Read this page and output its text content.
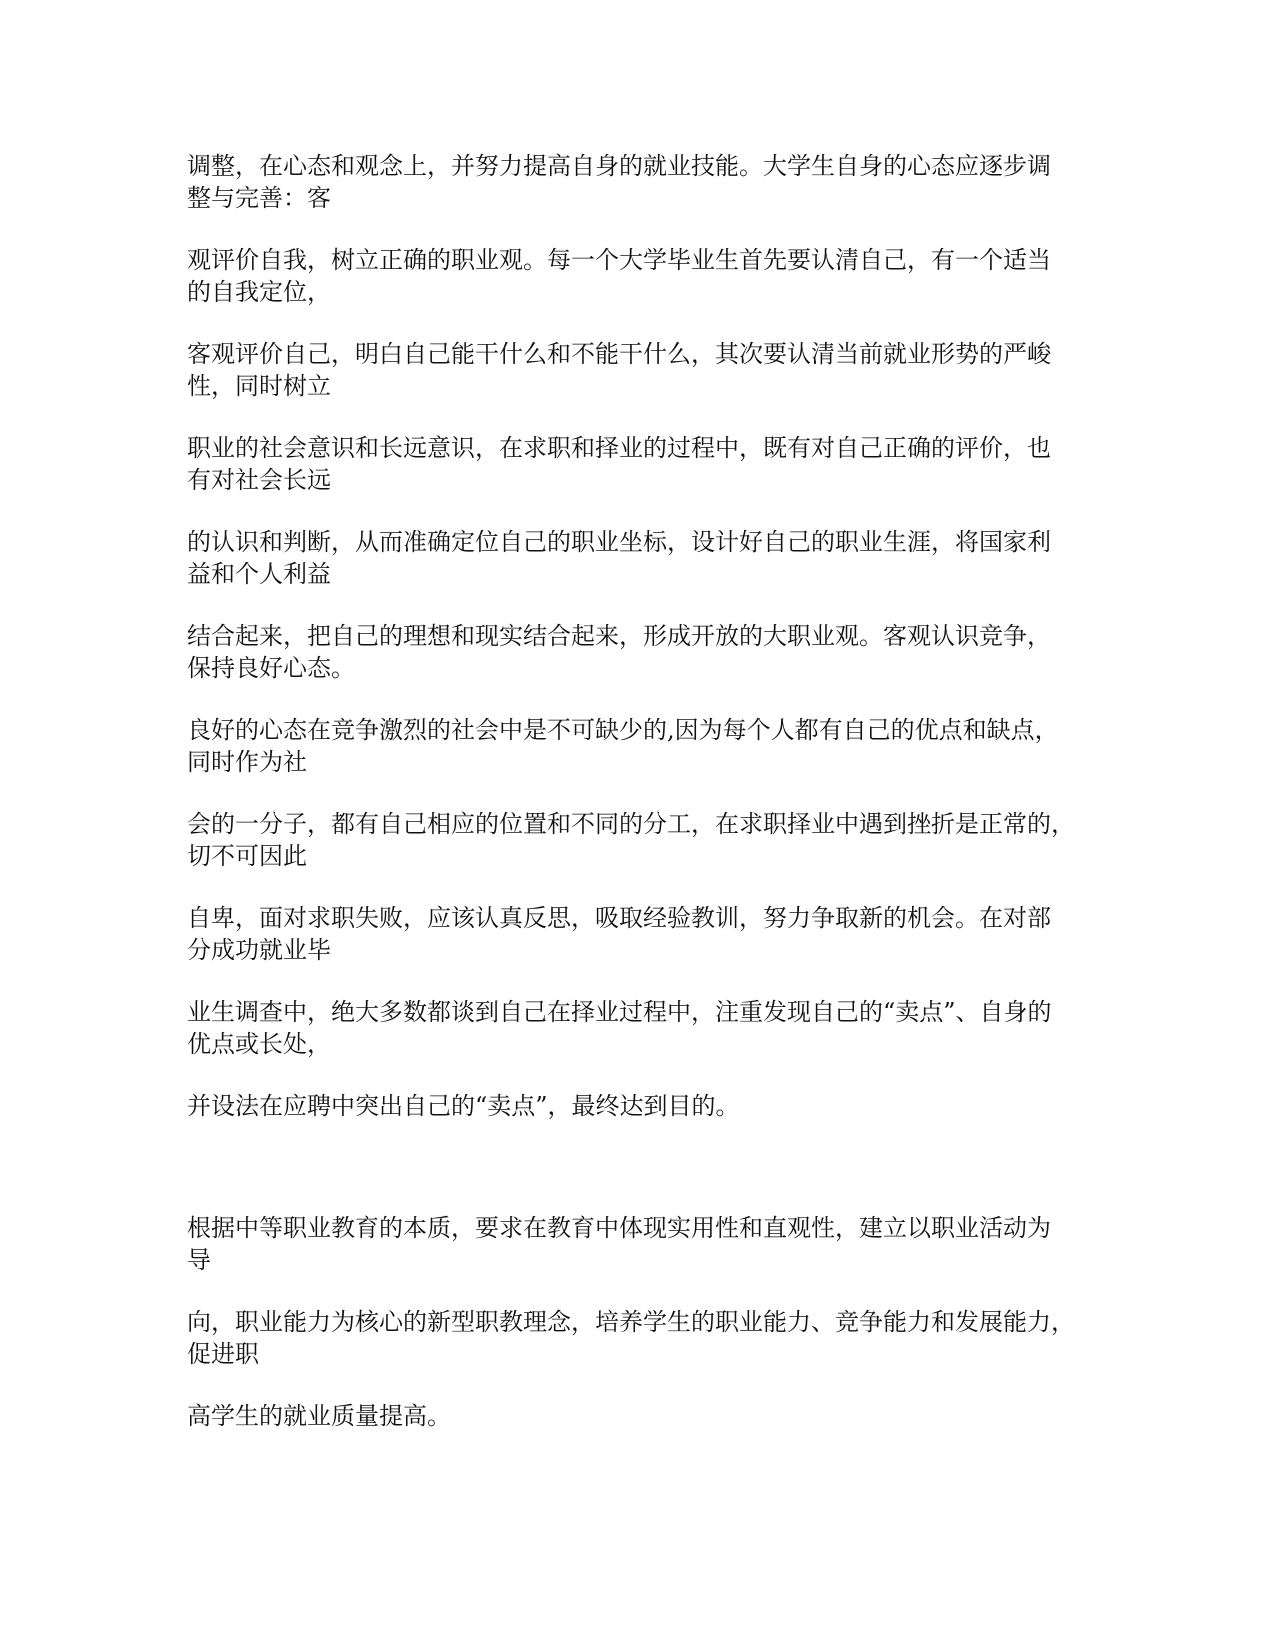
调整，在心态和观念上，并努力提高自身的就业技能。大学生自身的心态应逐步调
整与完善：客

观评价自我，树立正确的职业观。每一个大学毕业生首先要认清自己，有一个适当
的自我定位，

客观评价自己，明白自己能干什么和不能干什么，其次要认清当前就业形势的严峻
性，同时树立

职业的社会意识和长远意识，在求职和择业的过程中，既有对自己正确的评价，也
有对社会长远

的认识和判断，从而准确定位自己的职业坐标，设计好自己的职业生涯，将国家利
益和个人利益

结合起来，把自己的理想和现实结合起来，形成开放的大职业观。客观认识竞争，
保持良好心态。

良好的心态在竞争激烈的社会中是不可缺少的,因为每个人都有自己的优点和缺点，
同时作为社

会的一分子，都有自己相应的位置和不同的分工，在求职择业中遇到挫折是正常的，
切不可因此

自卑，面对求职失败，应该认真反思，吸取经验教训，努力争取新的机会。在对部
分成功就业毕

业生调查中，绝大多数都谈到自己在择业过程中，注重发现自己的“卖点”、自身的
优点或长处，

并设法在应聘中突出自己的“卖点”，最终达到目的。

根据中等职业教育的本质，要求在教育中体现实用性和直观性，建立以职业活动为
导

向，职业能力为核心的新型职教理念，培养学生的职业能力、竞争能力和发展能力，
促进职

高学生的就业质量提高。
